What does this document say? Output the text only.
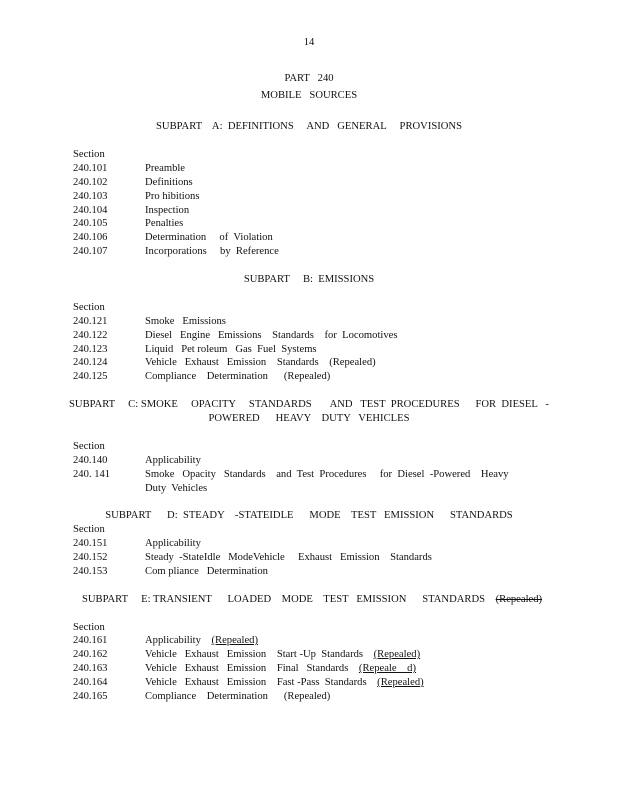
14
PART   240
MOBILE   SOURCES
SUBPART    A:  DEFINITIONS     AND   GENERAL     PROVISIONS
Section
240.101	Preamble
240.102	Definitions
240.103	Pro hibitions
240.104	Inspection
240.105	Penalties
240.106	Determination     of  Violation
240.107	Incorporations     by  Reference
SUBPART     B:  EMISSIONS
Section
240.121	Smoke   Emissions
240.122	Diesel   Engine   Emissions    Standards    for  Locomotives
240.123	Liquid   Pet roleum   Gas  Fuel  Systems
240.124	Vehicle   Exhaust   Emission    Standards    (Repealed)
240.125	Compliance    Determination      (Repealed)
SUBPART     C: SMOKE     OPACITY     STANDARDS       AND   TEST  PROCEDURES      FOR  DIESEL   -
POWERED      HEAVY    DUTY   VEHICLES
Section
240.140	Applicability
240. 141	Smoke   Opacity   Standards    and  Test  Procedures     for  Diesel  -Powered    Heavy
Duty  Vehicles
SUBPART      D:  STEADY    -STATEIDLE      MODE    TEST   EMISSION      STANDARDS
Section
240.151	Applicability
240.152	Steady  -StateIdle   ModeVehicle     Exhaust   Emission    Standards
240.153	Com pliance   Determination
SUBPART     E: TRANSIENT      LOADED    MODE    TEST   EMISSION      STANDARDS (Repealed)
Section
240.161	Applicability    (Repealed)
240.162	Vehicle   Exhaust   Emission    Start -Up  Standards    (Repealed)
240.163	Vehicle   Exhaust   Emission    Final   Standards    (Repeale    d)
240.164	Vehicle   Exhaust   Emission    Fast -Pass  Standards    (Repealed)
240.165	Compliance    Determination      (Repealed)
